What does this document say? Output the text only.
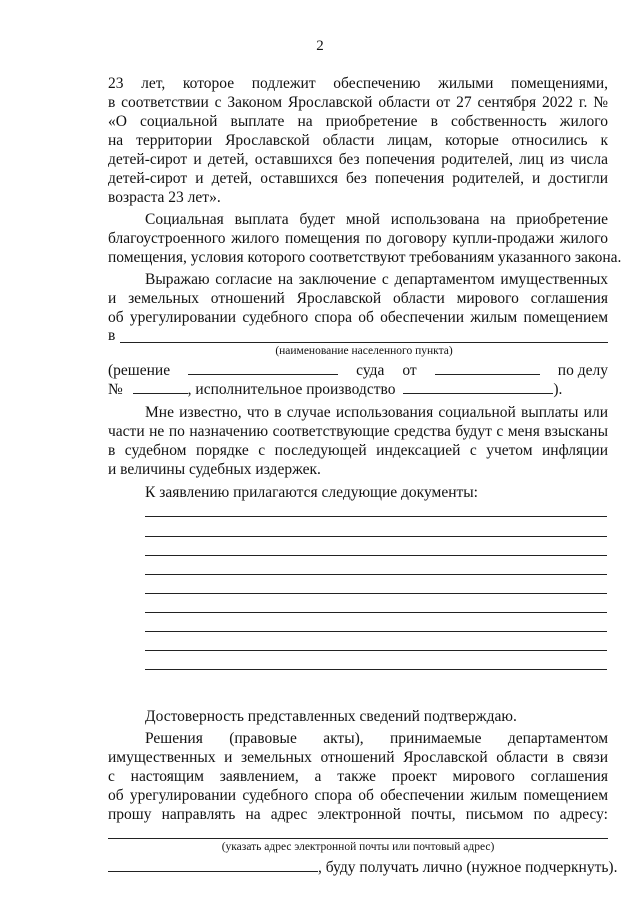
2
23 лет, которое подлежит обеспечению жилыми помещениями,
в соответствии с Законом Ярославской области от 27 сентября 2022 г. №
«О социальной выплате на приобретение в собственность жилого
на территории Ярославской области лицам, которые относились к
детей-сирот и детей, оставшихся без попечения родителей, лиц из числа
детей-сирот и детей, оставшихся без попечения родителей, и достигли
возраста 23 лет».
Социальная выплата будет мной использована на приобретение
благоустроенного жилого помещения по договору купли-продажи жилого
помещения, условия которого соответствуют требованиям указанного закона.
Выражаю согласие на заключение с департаментом имущественных
и земельных отношений Ярославской области мирового соглашения
об урегулировании судебного спора об обеспечении жилым помещением
в
(наименование населенного пункта)
(решение	суда от	по делу
№	, исполнительное производство	).
Мне известно, что в случае использования социальной выплаты или
части не по назначению соответствующие средства будут с меня взысканы
в судебном порядке с последующей индексацией с учетом инфляции
и величины судебных издержек.
К заявлению прилагаются следующие документы:
Достоверность представленных сведений подтверждаю.
Решения (правовые акты), принимаемые департаментом
имущественных и земельных отношений Ярославской области в связи
с настоящим заявлением, а также проект мирового соглашения
об урегулировании судебного спора об обеспечении жилым помещением
прошу направлять на адрес электронной почты, письмом по адресу:
(указать адрес электронной почты или почтовый адрес)
, буду получать лично (нужное подчеркнуть).
